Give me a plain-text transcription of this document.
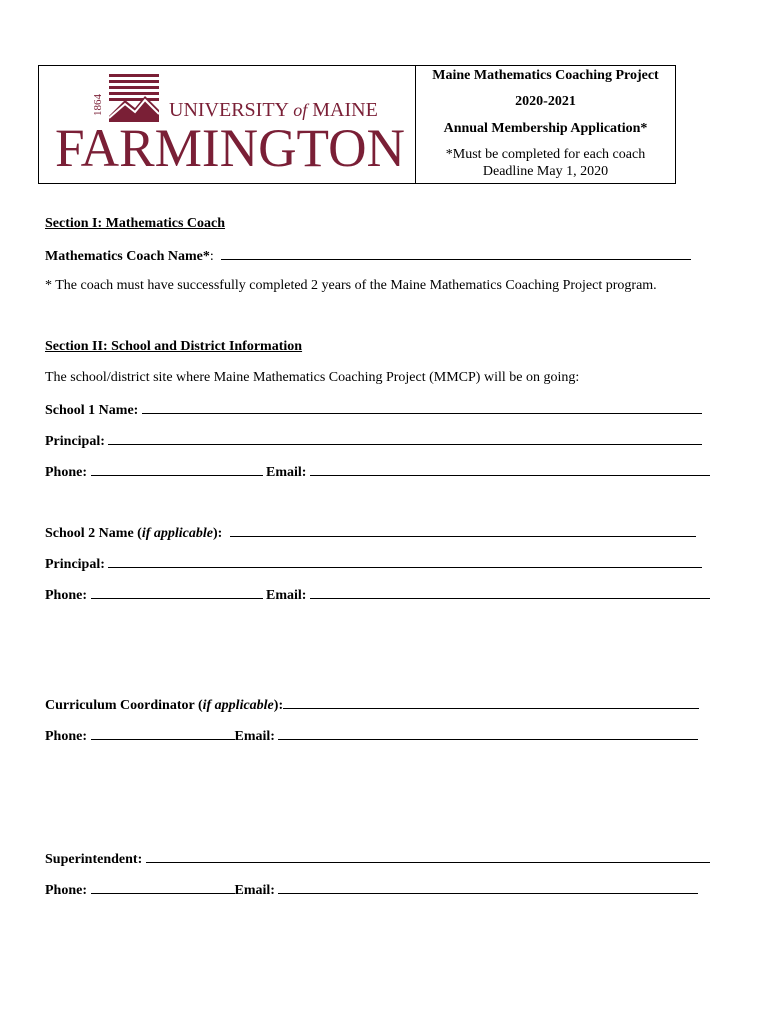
1864	UNIVERSITY of MAINE
FARMINGTON
Maine Mathematics Coaching Project
2020-2021
Annual Membership Application*
*Must be completed for each coach
Deadline May 1, 2020
Section I: Mathematics Coach
Mathematics Coach Name*:
* The coach must have successfully completed 2 years of the Maine Mathematics Coaching Project program.
Section II: School and District Information
The school/district site where Maine Mathematics Coaching Project (MMCP) will be on going:
School 1 Name:
Principal:
Phone:	Email:
School 2 Name (if applicable):
Principal:
Phone:	Email:
Curriculum Coordinator (if applicable):
Phone:	Email:
Superintendent:
Phone:	Email:
